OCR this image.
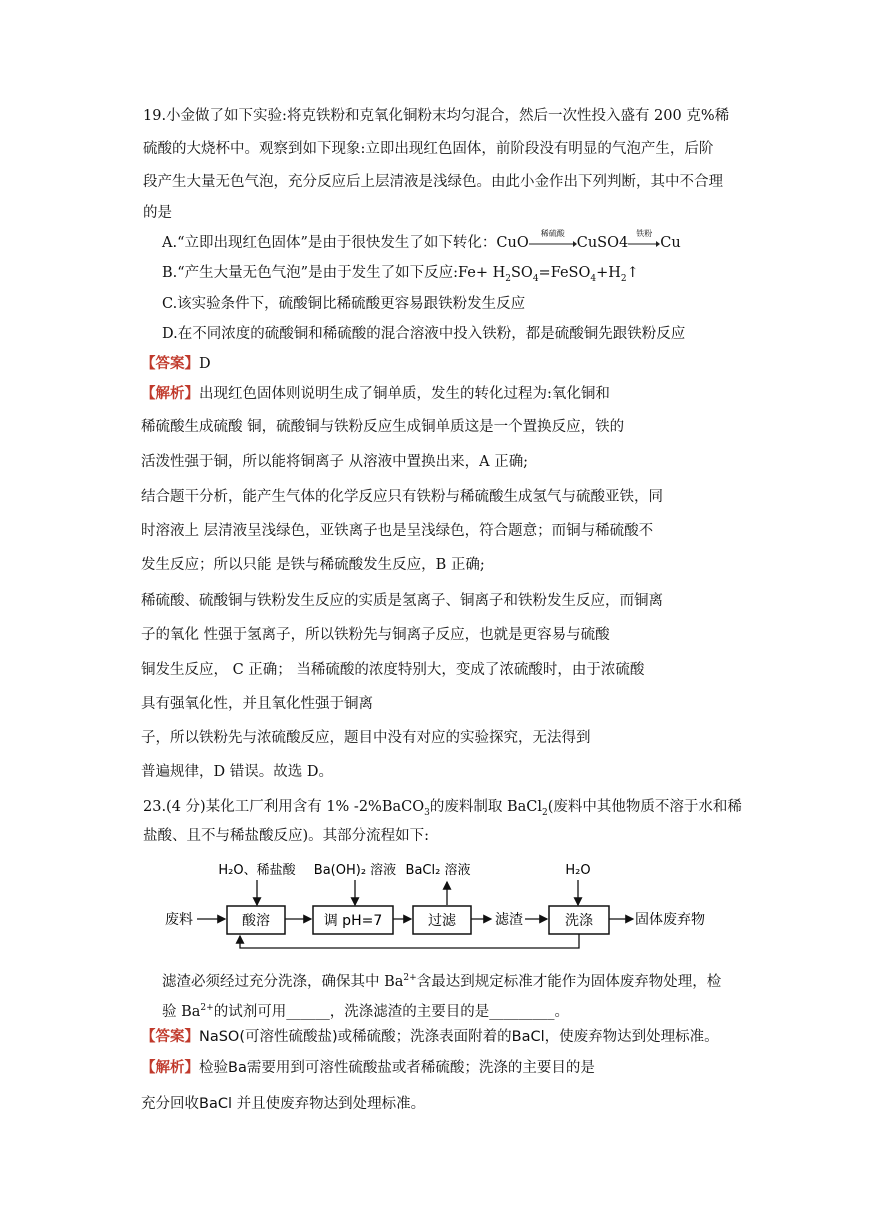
19.小金做了如下实验:将克铁粉和克氧化铜粉末均匀混合，然后一次性投入盛有 200 克%稀
硫酸的大烧杯中。观察到如下现象:立即出现红色固体，前阶段没有明显的气泡产生，后阶
段产生大量无色气泡，充分反应后上层清液是浅绿色。由此小金作出下列判断，其中不合理
的是
A.“立即出现红色固体”是由于很快发生了如下转化：CuO
稀硫酸
CuSO4
铁粉
Cu
B.“产生大量无色气泡”是由于发生了如下反应:Fe+ $H_2SO_4=FeSO_4+H_2↑$
C.该实验条件下，硫酸铜比稀硫酸更容易跟铁粉发生反应
D.在不同浓度的硫酸铜和稀硫酸的混合溶液中投入铁粉，都是硫酸铜先跟铁粉反应
【答案】D
【解析】出现红色固体则说明生成了铜单质，发生的转化过程为:氧化铜和
稀硫酸生成硫酸 铜，硫酸铜与铁粉反应生成铜单质这是一个置换反应，铁的
活泼性强于铜，所以能将铜离子 从溶液中置换出来，A 正确;
结合题干分析，能产生气体的化学反应只有铁粉与稀硫酸生成氢气与硫酸亚铁，同
时溶液上 层清液呈浅绿色，亚铁离子也是呈浅绿色，符合题意；而铜与稀硫酸不
发生反应；所以只能 是铁与稀硫酸发生反应，B 正确;
稀硫酸、硫酸铜与铁粉发生反应的实质是氢离子、铜离子和铁粉发生反应，而铜离
子的氧化 性强于氢离子，所以铁粉先与铜离子反应，也就是更容易与硫酸
铜发生反应， C 正确； 当稀硫酸的浓度特别大，变成了浓硫酸时，由于浓硫酸
具有强氧化性，并且氧化性强于铜离
子，所以铁粉先与浓硫酸反应，题目中没有对应的实验探究，无法得到
普遍规律，D 错误。故选 D。
23.(4 分)某化工厂利用含有 1% -2%BaCO$_3$的废料制取 BaCl$_2$(废料中其他物质不溶于水和稀
盐酸、且不与稀盐酸反应)。其部分流程如下:
H₂O、稀盐酸 Ba(OH)₂ 溶液 BaCl₂ 溶液	H₂O
废料	酸溶	调 pH=7	过滤	滤渣	洗涤	固体废弃物
滤渣必须经过充分洗涤，确保其中 $Ba^{2+}$含最达到规定标准才能作为固体废弃物处理，检
验 $Ba^{2+}$的试剂可用______，洗涤滤渣的主要目的是_________。
【答案】NaSO(可溶性硫酸盐)或稀硫酸；洗涤表面附着的BaCl，使废弃物达到处理标准。
【解析】检验Ba需要用到可溶性硫酸盐或者稀硫酸；洗涤的主要目的是
充分回收BaCl 并且使废弃物达到处理标准。
